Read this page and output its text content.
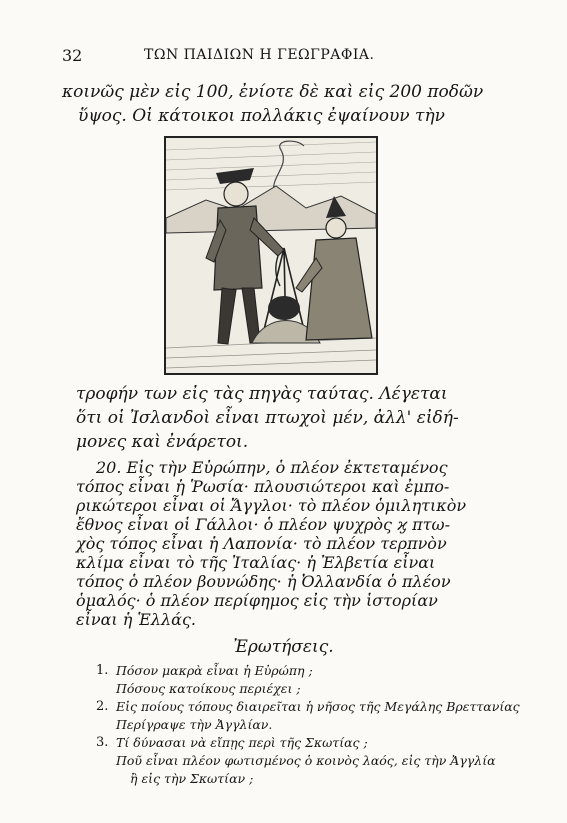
32	ΤΩΝ ΠΑΙΔΙΩΝ Η ΓΕΩΓΡΑΦΙΑ.
κοινῶς μὲν εἰς 100, ἐνίοτε δὲ καὶ εἰς 200 ποδῶν
ὕψος. Οἱ κάτοικοι πολλάκις ἐψαίνουν τὴν
τροφήν των εἰς τὰς πηγὰς ταύτας. Λέγεται
ὅτι οἱ Ἰσλανδοὶ εἶναι πτωχοὶ μέν, ἀλλ' εἰδή-
μονες καὶ ἐνάρετοι.
20. Εἰς τὴν Εὐρώπην, ὁ πλέον ἐκτεταμένος
τόπος εἶναι ἡ Ῥωσία· πλουσιώτεροι καὶ ἐμπο-
ρικώτεροι εἶναι οἱ Ἄγγλοι· τὸ πλέον ὁμιλητικὸν
ἔθνος εἶναι οἱ Γάλλοι· ὁ πλέον ψυχρὸς ϗ πτω-
χὸς τόπος εἶναι ἡ Λαπονία· τὸ πλέον τερπνὸν
κλίμα εἶναι τὸ τῆς Ἰταλίας· ἡ Ἐλβετία εἶναι
τόπος ὁ πλέον βουνώδης· ἡ Ὀλλανδία ὁ πλέον
Ἐρωτήσεις.
1. Πόσον μακρὰ εἶναι ἡ Εὐρώπη ;
Πόσους κατοίκους περιέχει ;
2. Εἰς ποίους τόπους διαιρεῖται ἡ νῆσος τῆς Μεγάλης Βρεττανίας
Περίγραψε τὴν Ἀγγλίαν.
3. Τί δύνασαι νὰ εἴπῃς περὶ τῆς Σκωτίας ;
Ποῦ εἶναι πλέον φωτισμένος ὁ κοινὸς λαός, εἰς τὴν Ἀγγλία
ἢ εἰς τὴν Σκωτίαν ;
ὁμαλός· ὁ πλέον περίφημος εἰς τὴν ἱστορίαν
εἶναι ἡ Ἑλλάς.
